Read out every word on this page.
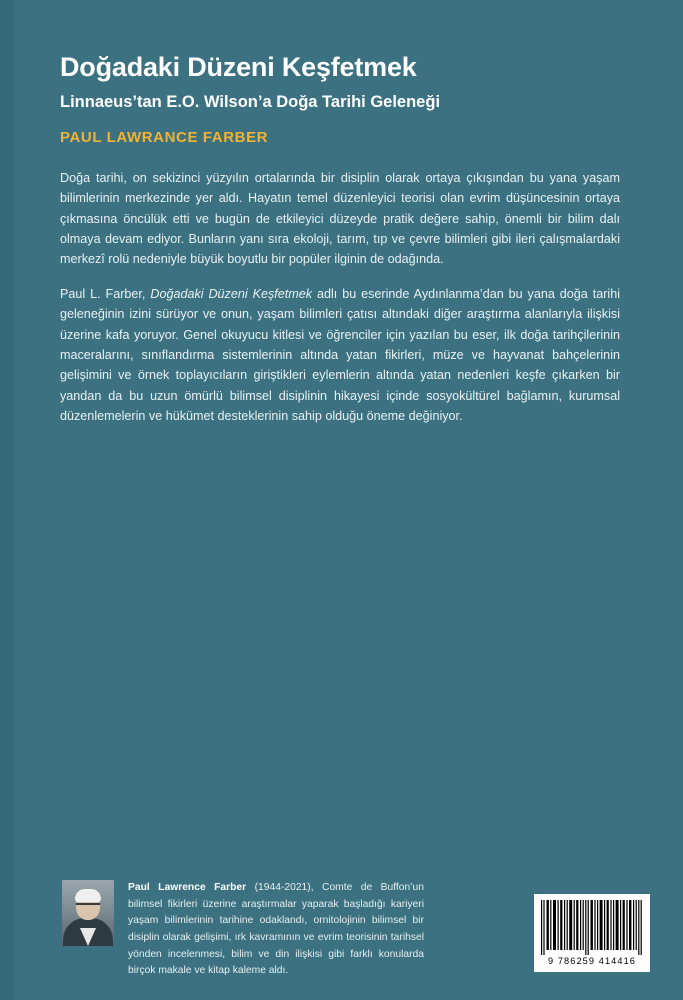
Doğadaki Düzeni Keşfetmek
Linnaeus’tan E.O. Wilson’a Doğa Tarihi Geleneği
PAUL LAWRANCE FARBER

Doğa tarihi, on sekizinci yüzyılın ortalarında bir disiplin olarak ortaya çıkışından bu yana yaşam bilimlerinin merkezinde yer aldı. Hayatın temel düzenleyici teorisi olan evrim düşüncesinin ortaya çıkmasına öncülük etti ve bugün de etkileyici düzeyde pratik değere sahip, önemli bir bilim dalı olmaya devam ediyor. Bunların yanı sıra ekoloji, tarım, tıp ve çevre bilimleri gibi ileri çalışmalardaki merkezî rolü nedeniyle büyük boyutlu bir popüler ilginin de odağında.

Paul L. Farber, Doğadaki Düzeni Keşfetmek adlı bu eserinde Aydınlanma’dan bu yana doğa tarihi geleneğinin izini sürüyor ve onun, yaşam bilimleri çatısı altındaki diğer araştırma alanlarıyla ilişkisi üzerine kafa yoruyor. Genel okuyucu kitlesi ve öğrenciler için yazılan bu eser, ilk doğa tarihçilerinin maceralarını, sınıflandırma sistemlerinin altında yatan fikirleri, müze ve hayvanat bahçelerinin gelişimini ve örnek toplayıcıların giriştikleri eylemlerin altında yatan nedenleri keşfe çıkarken bir yandan da bu uzun ömürlü bilimsel disiplinin hikayesi içinde sosyokültürel bağlamın, kurumsal düzenlemelerin ve hükümet desteklerinin sahip olduğu öneme değiniyor.

Paul Lawrence Farber (1944-2021), Comte de Buffon’un bilimsel fikirleri üzerine araştırmalar yaparak başladığı kariyeri yaşam bilimlerinin tarihine odaklandı, ornitolojinin bilimsel bir disiplin olarak gelişimi, ırk kavramının ve evrim teorisinin tarihsel yönden incelenmesi, bilim ve din ilişkisi gibi farklı konularda birçok makale ve kitap kaleme aldı.
9 786259 414416
